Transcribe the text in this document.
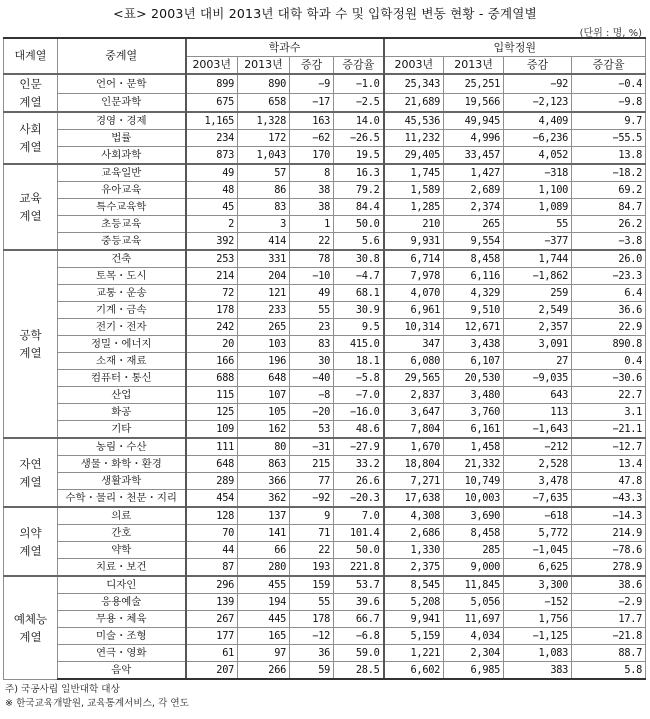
<표> 2003년 대비 2013년 대학 학과 수 및 입학정원 변동 현황 - 중계열별
(단위 : 명, %)
대계열	중계열	학과수				입학정원			
		2003년	2013년	증감	증감율	2003년	2013년	증감	증감율
인문
계열	언어・문학	899	890	−9	−1.0	25,343	25,251	−92	−0.4
	인문과학	675	658	−17	−2.5	21,689	19,566	−2,123	−9.8
사회
계열	경영・경제	1,165	1,328	163	14.0	45,536	49,945	4,409	9.7
	법률	234	172	−62	−26.5	11,232	4,996	−6,236	−55.5
	사회과학	873	1,043	170	19.5	29,405	33,457	4,052	13.8
교육
계열	교육일반	49	57	8	16.3	1,745	1,427	−318	−18.2
	유아교육	48	86	38	79.2	1,589	2,689	1,100	69.2
	특수교육학	45	83	38	84.4	1,285	2,374	1,089	84.7
	초등교육	2	3	1	50.0	210	265	55	26.2
	중등교육	392	414	22	5.6	9,931	9,554	−377	−3.8
공학
계열	건축	253	331	78	30.8	6,714	8,458	1,744	26.0
	토목・도시	214	204	−10	−4.7	7,978	6,116	−1,862	−23.3
	교통・운송	72	121	49	68.1	4,070	4,329	259	6.4
	기계・금속	178	233	55	30.9	6,961	9,510	2,549	36.6
	전기・전자	242	265	23	9.5	10,314	12,671	2,357	22.9
	정밀・에너지	20	103	83	415.0	347	3,438	3,091	890.8
	소재・재료	166	196	30	18.1	6,080	6,107	27	0.4
	컴퓨터・통신	688	648	−40	−5.8	29,565	20,530	−9,035	−30.6
	산업	115	107	−8	−7.0	2,837	3,480	643	22.7
	화공	125	105	−20	−16.0	3,647	3,760	113	3.1
	기타	109	162	53	48.6	7,804	6,161	−1,643	−21.1
자연
계열	농림・수산	111	80	−31	−27.9	1,670	1,458	−212	−12.7
	생물・화학・환경	648	863	215	33.2	18,804	21,332	2,528	13.4
	생활과학	289	366	77	26.6	7,271	10,749	3,478	47.8
	수학・물리・천문・지리	454	362	−92	−20.3	17,638	10,003	−7,635	−43.3
의약
계열	의료	128	137	9	7.0	4,308	3,690	−618	−14.3
	간호	70	141	71	101.4	2,686	8,458	5,772	214.9
	약학	44	66	22	50.0	1,330	285	−1,045	−78.6
	치료・보건	87	280	193	221.8	2,375	9,000	6,625	278.9
예체능
계열	디자인	296	455	159	53.7	8,545	11,845	3,300	38.6
	응용예술	139	194	55	39.6	5,208	5,056	−152	−2.9
	무용・체육	267	445	178	66.7	9,941	11,697	1,756	17.7
	미술・조형	177	165	−12	−6.8	5,159	4,034	−1,125	−21.8
	연극・영화	61	97	36	59.0	1,221	2,304	1,083	88.7
	음악	207	266	59	28.5	6,602	6,985	383	5.8
주) 국공사립 일반대학 대상
※ 한국교육개발원, 교육통계서비스, 각 연도
